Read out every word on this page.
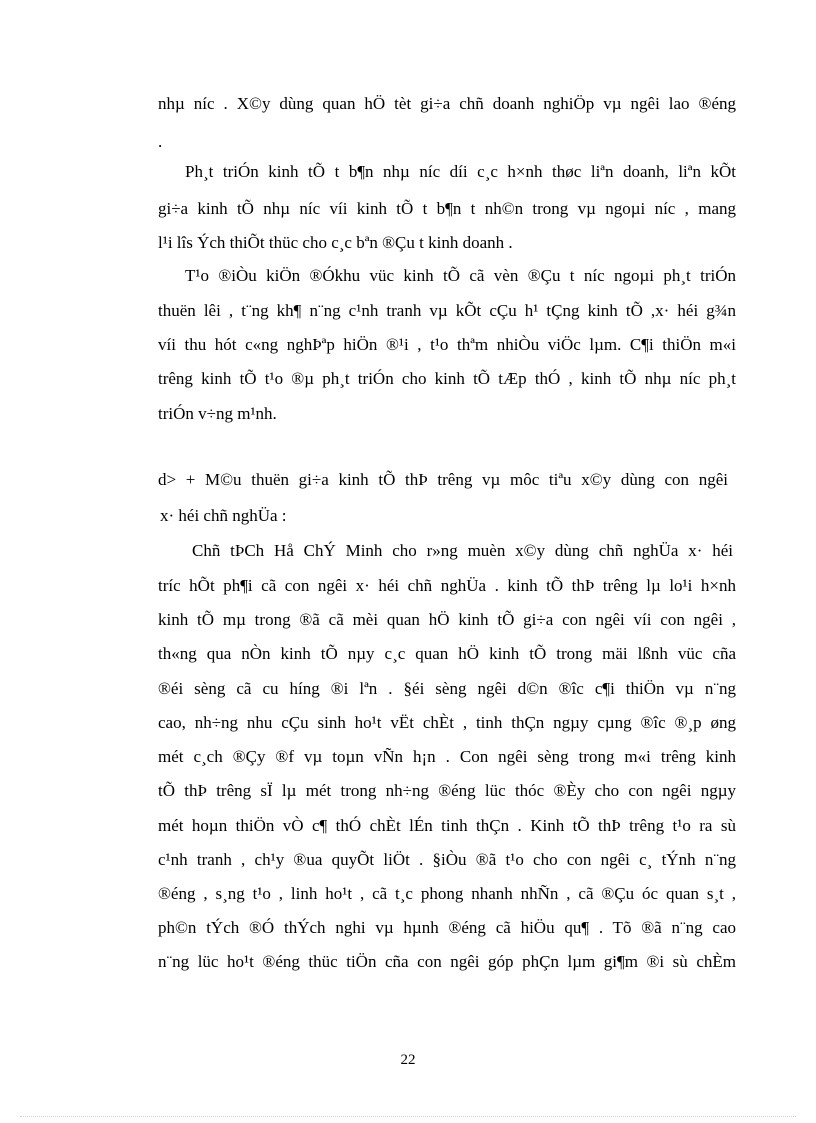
nhµ níc . X©y dùng quan hÖ tèt gi÷a chñ doanh nghiÖp vµ ngêi lao ®éng
.
Ph¸t triÓn kinh tÕ t b¶n nhµ níc díi c¸c h×nh thøc liªn doanh, liªn kÕt
gi÷a kinh tÕ nhµ níc víi kinh tÕ t b¶n t nh©n trong vµ ngoµi níc , mang
l¹i lîs Ých thiÕt thüc cho c¸c bªn ®Çu t kinh doanh .
T¹o ®iÒu kiÖn ®Ókhu vüc kinh tÕ cã vèn ®Çu t níc ngoµi ph¸t triÓn
thuën lêi , t¨ng kh¶ n¨ng c¹nh tranh vµ kÕt cÇu h¹ tÇng kinh tÕ ,x· héi g¾n
víi thu hót c«ng nghÞªp hiÖn ®¹i , t¹o thªm nhiÒu viÖc lµm. C¶i thiÖn m«i
trêng kinh tÕ t¹o ®µ ph¸t triÓn cho kinh tÕ tÆp thÓ , kinh tÕ nhµ níc ph¸t
triÓn v÷ng m¹nh.
d> + M©u thuën gi÷a kinh tÕ thÞ trêng vµ môc tiªu x©y dùng con ngêi
x· héi chñ nghÜa :
Chñ tÞCh Hå ChÝ Minh cho r»ng muèn x©y dùng chñ nghÜa x· héi
tríc hÕt ph¶i cã con ngêi x· héi chñ nghÜa . kinh tÕ thÞ trêng lµ lo¹i h×nh
kinh tÕ mµ trong ®ã cã mèi quan hÖ kinh tÕ gi÷a con ngêi víi con ngêi ,
th«ng qua nÒn kinh tÕ nµy c¸c quan hÖ kinh tÕ trong mäi lßnh vüc cña
®éi sèng cã cu híng ®i lªn . §éi sèng ngêi d©n ®îc c¶i thiÖn vµ n¨ng
cao, nh÷ng nhu cÇu sinh ho¹t vËt chÈt , tinh thÇn ngµy cµng ®îc ®¸p øng
mét c¸ch ®Çy ®f vµ toµn vÑn h¡n . Con ngêi sèng trong m«i trêng kinh
tÕ thÞ trêng sÏ lµ mét trong nh÷ng ®éng lüc thóc ®Èy cho con ngêi ngµy
mét hoµn thiÖn vÒ c¶ thÓ chÈt lÉn tinh thÇn . Kinh tÕ thÞ trêng t¹o ra sù
c¹nh tranh , ch¹y ®ua quyÕt liÖt . §iÒu ®ã t¹o cho con ngêi c¸ tÝnh n¨ng
®éng , s¸ng t¹o , linh ho¹t , cã t¸c phong nhanh nhÑn , cã ®Çu óc quan s¸t ,
ph©n tÝch ®Ó thÝch nghi vµ hµnh ®éng cã hiÖu qu¶ . Tõ ®ã n¨ng cao
n¨ng lüc ho¹t ®éng thüc tiÖn cña con ngêi góp phÇn lµm gi¶m ®i sù chÈm
22
